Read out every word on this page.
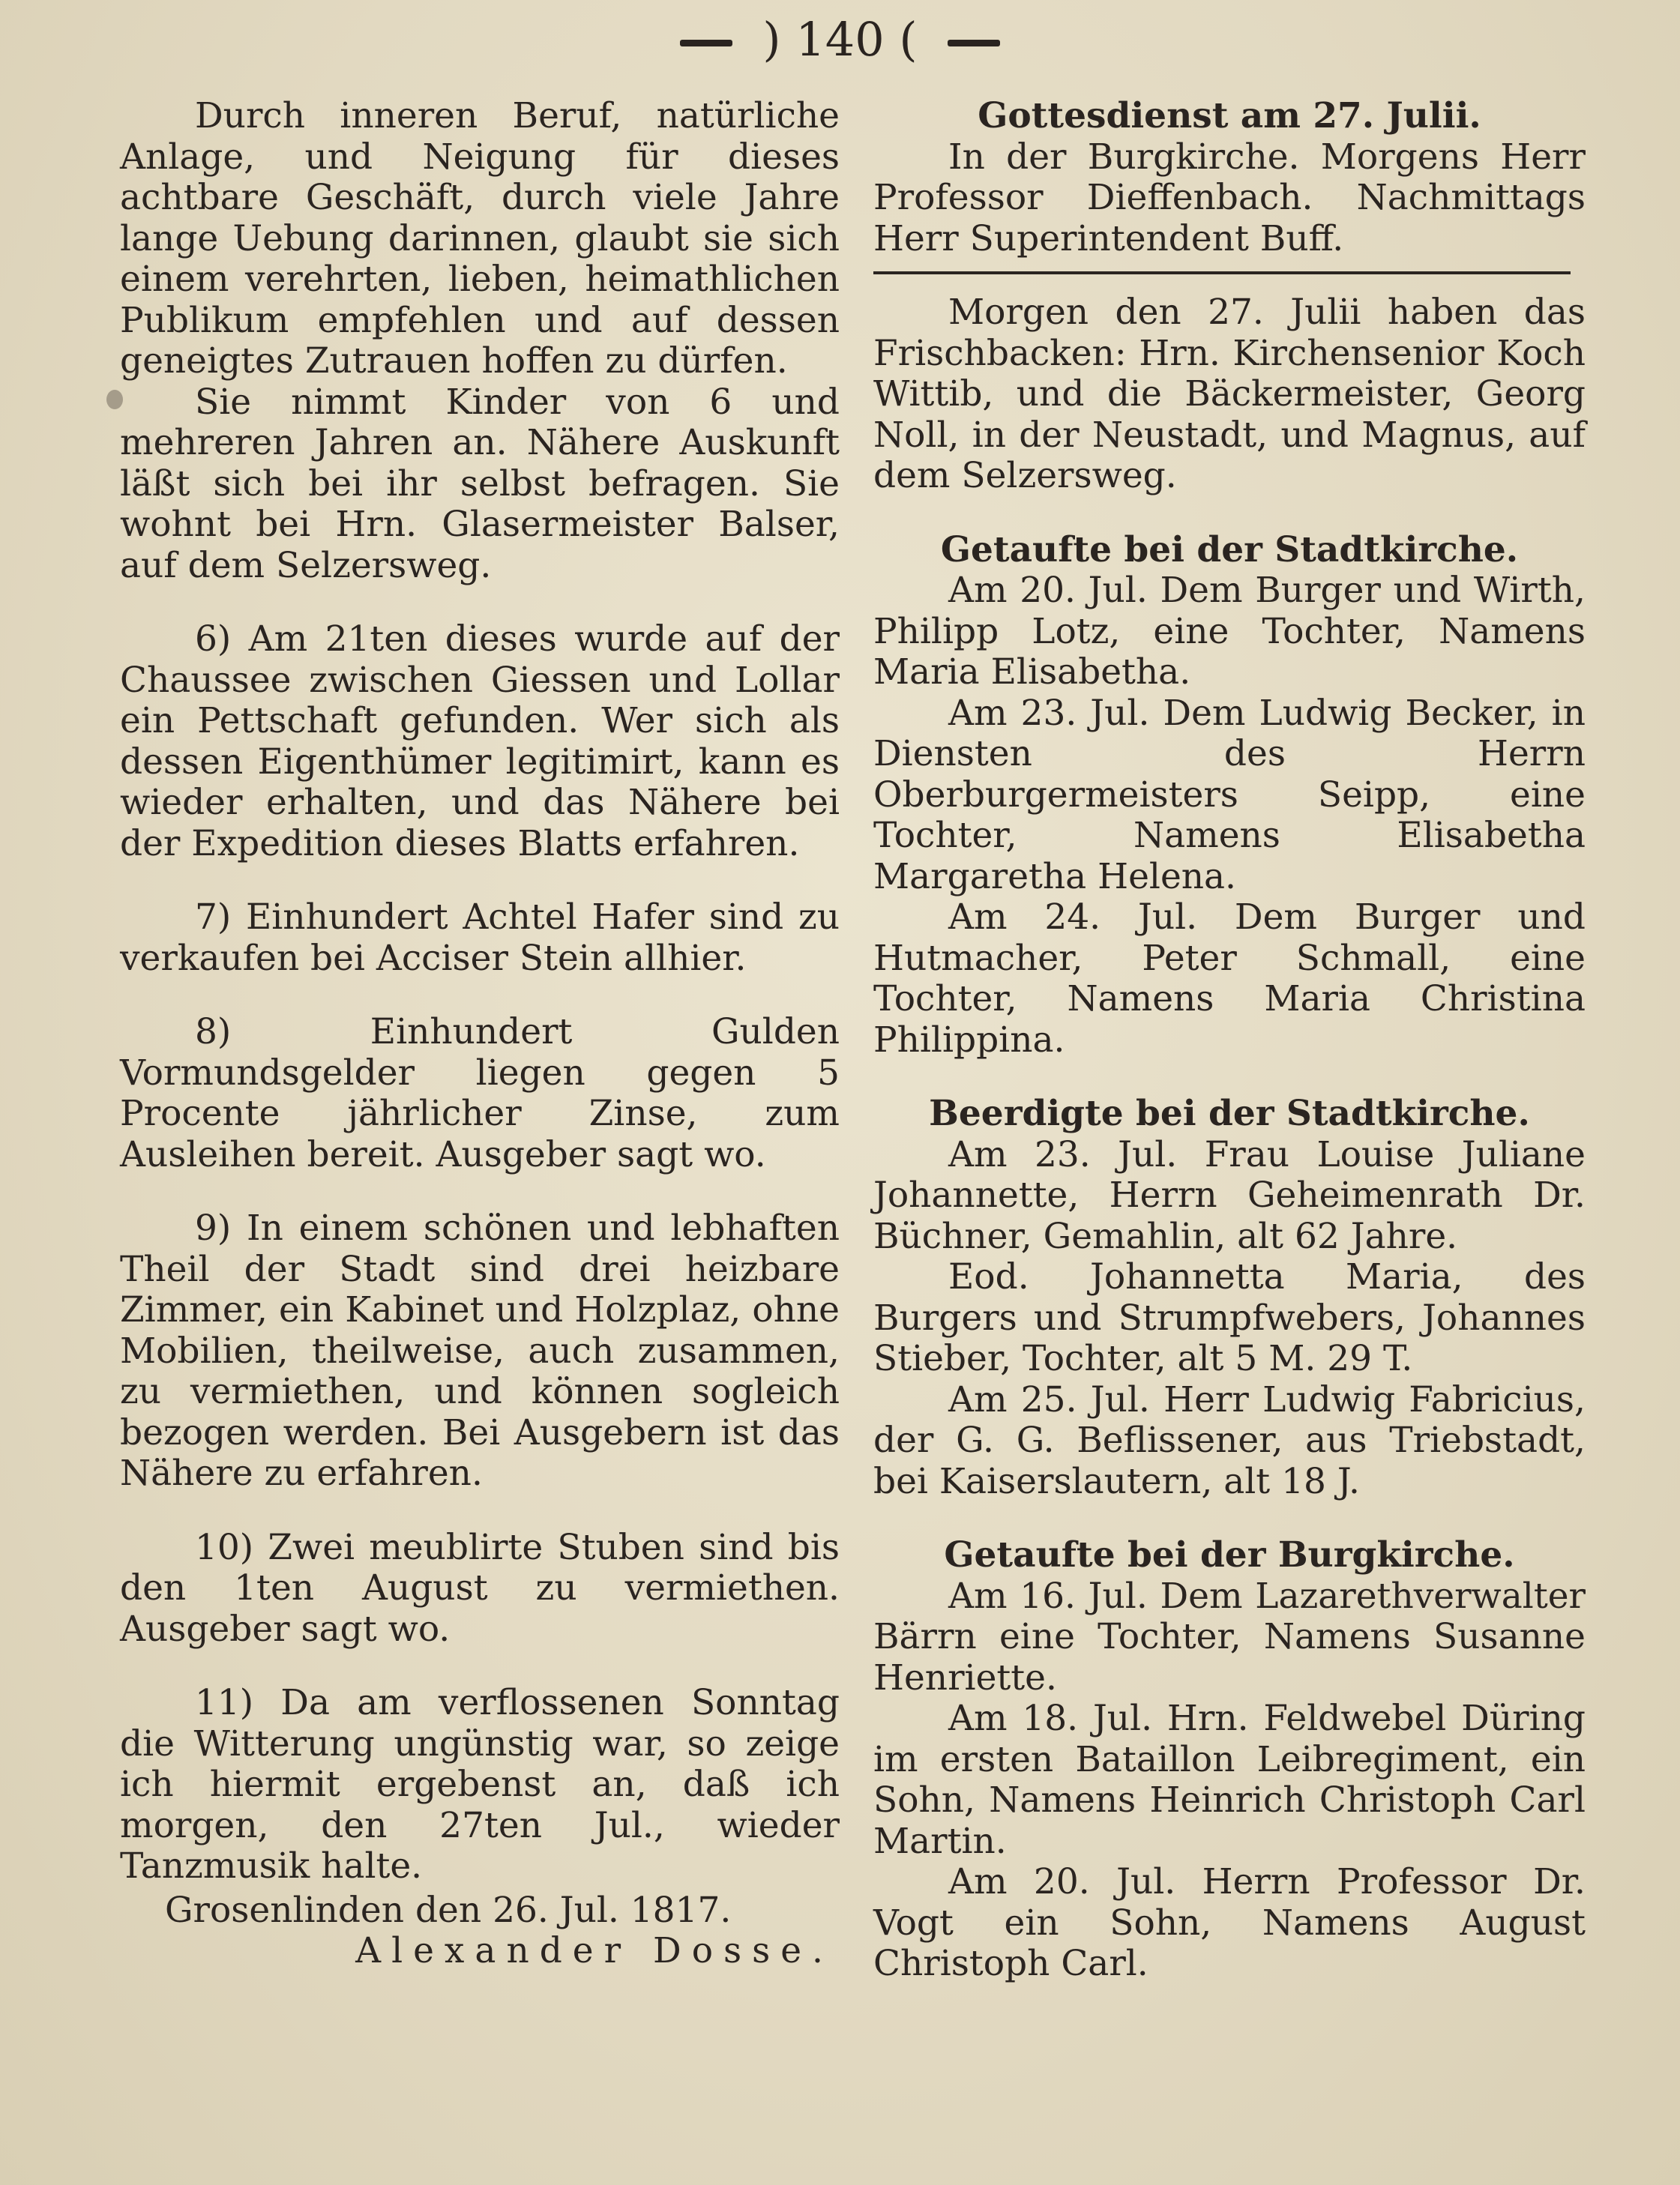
) 140 (

Durch inneren Beruf, natürliche Anlage, und Neigung für dieses achtbare Geschäft, durch viele Jahre lange Uebung darinnen, glaubt sie sich einem verehrten, lieben, heimathlichen Publikum empfehlen und auf dessen geneigtes Zutrauen hoffen zu dürfen.

Sie nimmt Kinder von 6 und mehreren Jahren an. Nähere Auskunft läßt sich bei ihr selbst befragen. Sie wohnt bei Hrn. Glasermeister Balser, auf dem Selzersweg.

6) Am 21ten dieses wurde auf der Chaussee zwischen Giessen und Lollar ein Pettschaft gefunden. Wer sich als dessen Eigenthümer legitimirt, kann es wieder erhalten, und das Nähere bei der Expedition dieses Blatts erfahren.

7) Einhundert Achtel Hafer sind zu verkaufen bei Acciser Stein allhier.

8) Einhundert Gulden Vormundsgelder liegen gegen 5 Procente jährlicher Zinse, zum Ausleihen bereit. Ausgeber sagt wo.

9) In einem schönen und lebhaften Theil der Stadt sind drei heizbare Zimmer, ein Kabinet und Holzplaz, ohne Mobilien, theilweise, auch zusammen, zu vermiethen, und können sogleich bezogen werden. Bei Ausgebern ist das Nähere zu erfahren.

10) Zwei meublirte Stuben sind bis den 1ten August zu vermiethen. Ausgeber sagt wo.

11) Da am verflossenen Sonntag die Witterung ungünstig war, so zeige ich hiermit ergebenst an, daß ich morgen, den 27ten Jul., wieder Tanzmusik halte.

Grosenlinden den 26. Jul. 1817.

Alexander Dosse.

Gottesdienst am 27. Julii.

In der Burgkirche. Morgens Herr Professor Dieffenbach. Nachmittags Herr Superintendent Buff.

Morgen den 27. Julii haben das Frischbacken: Hrn. Kirchensenior Koch Wittib, und die Bäckermeister, Georg Noll, in der Neustadt, und Magnus, auf dem Selzersweg.

Getaufte bei der Stadtkirche.

Am 20. Jul. Dem Burger und Wirth, Philipp Lotz, eine Tochter, Namens Maria Elisabetha.

Am 23. Jul. Dem Ludwig Becker, in Diensten des Herrn Oberburgermeisters Seipp, eine Tochter, Namens Elisabetha Margaretha Helena.

Am 24. Jul. Dem Burger und Hutmacher, Peter Schmall, eine Tochter, Namens Maria Christina Philippina.

Beerdigte bei der Stadtkirche.

Am 23. Jul. Frau Louise Juliane Johannette, Herrn Geheimenrath Dr. Büchner, Gemahlin, alt 62 Jahre.

Eod. Johannetta Maria, des Burgers und Strumpfwebers, Johannes Stieber, Tochter, alt 5 M. 29 T.

Am 25. Jul. Herr Ludwig Fabricius, der G. G. Beflissener, aus Triebstadt, bei Kaiserslautern, alt 18 J.

Getaufte bei der Burgkirche.

Am 16. Jul. Dem Lazarethverwalter Bärrn eine Tochter, Namens Susanne Henriette.

Am 18. Jul. Hrn. Feldwebel Düring im ersten Bataillon Leibregiment, ein Sohn, Namens Heinrich Christoph Carl Martin.

Am 20. Jul. Herrn Professor Dr. Vogt ein Sohn, Namens August Christoph Carl.
